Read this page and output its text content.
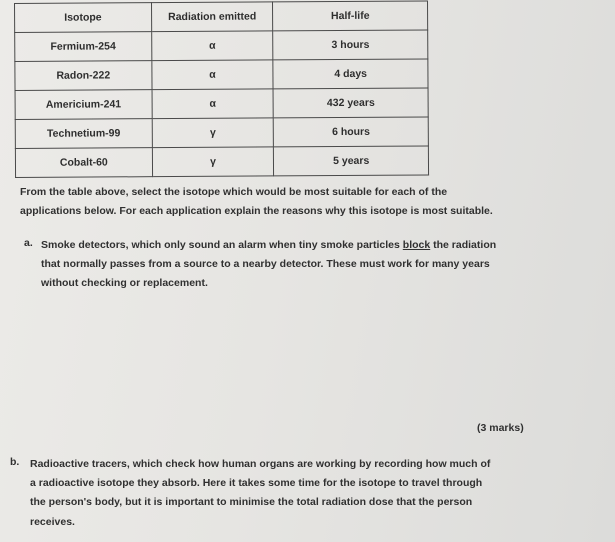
Isotope	Radiation emitted	Half-life
Fermium-254	α	3 hours
Radon-222	α	4 days
Americium-241	α	432 years
Technetium-99	γ	6 hours
Cobalt-60	γ	5 years
From the table above, select the isotope which would be most suitable for each of the
applications below. For each application explain the reasons why this isotope is most suitable.
a. Smoke detectors, which only sound an alarm when tiny smoke particles block the radiation
that normally passes from a source to a nearby detector. These must work for many years
without checking or replacement.
(3 marks)
b. Radioactive tracers, which check how human organs are working by recording how much of
a radioactive isotope they absorb. Here it takes some time for the isotope to travel through
the person's body, but it is important to minimise the total radiation dose that the person
receives.
